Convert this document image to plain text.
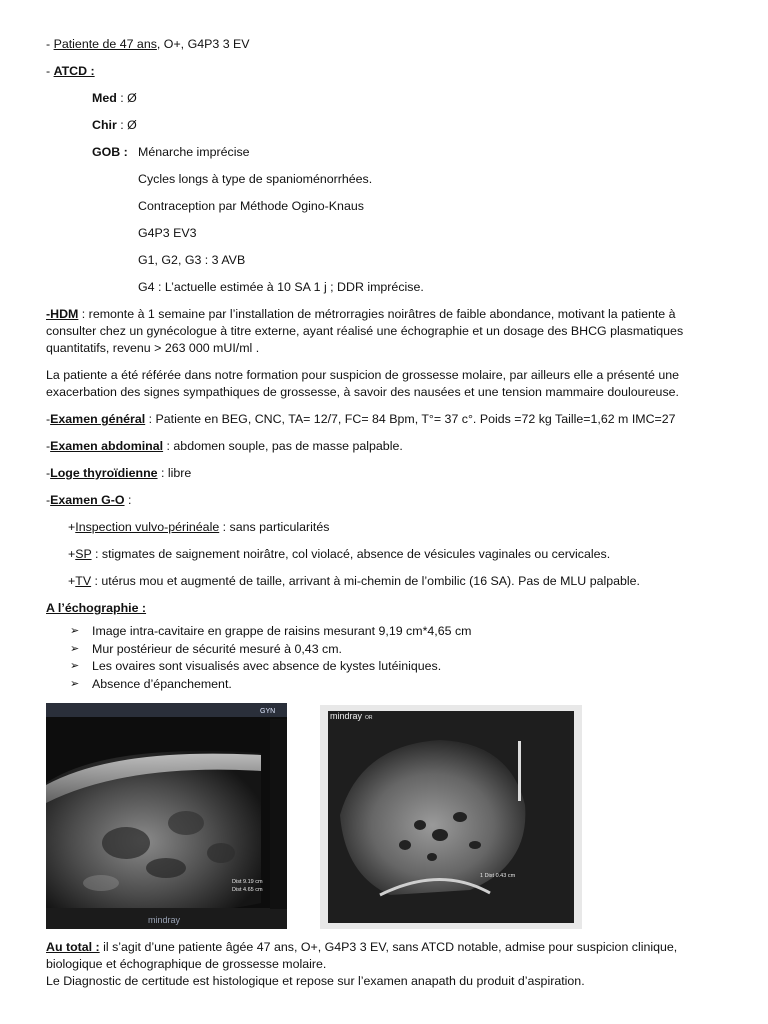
- Patiente de 47 ans, O+, G4P3 3 EV

- ATCD :

Med : Ø

Chir : Ø

GOB : Ménarche imprécise

Cycles longs à type de spanioménorrhées.

Contraception par Méthode Ogino-Knaus

G4P3 EV3

G1, G2, G3 : 3 AVB

G4 : L’actuelle estimée à 10 SA 1 j ; DDR imprécise.

-HDM : remonte à 1 semaine par l’installation de métrorragies noirâtres de faible abondance, motivant la patiente à consulter chez un gynécologue à titre externe, ayant réalisé une échographie et un dosage des BHCG plasmatiques quantitatifs, revenu > 263 000 mUI/ml .

La patiente a été référée dans notre formation pour suspicion de grossesse molaire, par ailleurs elle a présenté une exacerbation des signes sympathiques de grossesse, à savoir des nausées et une tension mammaire douloureuse.

-Examen général : Patiente en BEG, CNC, TA= 12/7, FC= 84 Bpm, T°= 37 c°. Poids =72 kg Taille=1,62 m IMC=27

-Examen abdominal : abdomen souple, pas de masse palpable.

-Loge thyroïdienne : libre

-Examen G-O :

+Inspection vulvo-périnéale : sans particularités

+SP : stigmates de saignement noirâtre, col violacé, absence de vésicules vaginales ou cervicales.

+TV : utérus mou et augmenté de taille, arrivant à mi-chemin de l’ombilic (16 SA). Pas de MLU palpable.

A l’échographie :

➢ Image intra-cavitaire en grappe de raisins mesurant 9,19 cm*4,65 cm
➢ Mur postérieur de sécurité mesuré à 0,43 cm.
➢ Les ovaires sont visualisés avec absence de kystes lutéiniques.
➢ Absence d’épanchement.
GYN
Dist 9.19 cm
Dist 4.65 cm
mindray
mindray OR
1 Dist 0.43 cm

Au total : il s’agit d’une patiente âgée 47 ans, O+, G4P3 3 EV, sans ATCD notable, admise pour suspicion clinique, biologique et échographique de grossesse molaire.

Le Diagnostic de certitude est histologique et repose sur l’examen anapath du produit d’aspiration.
